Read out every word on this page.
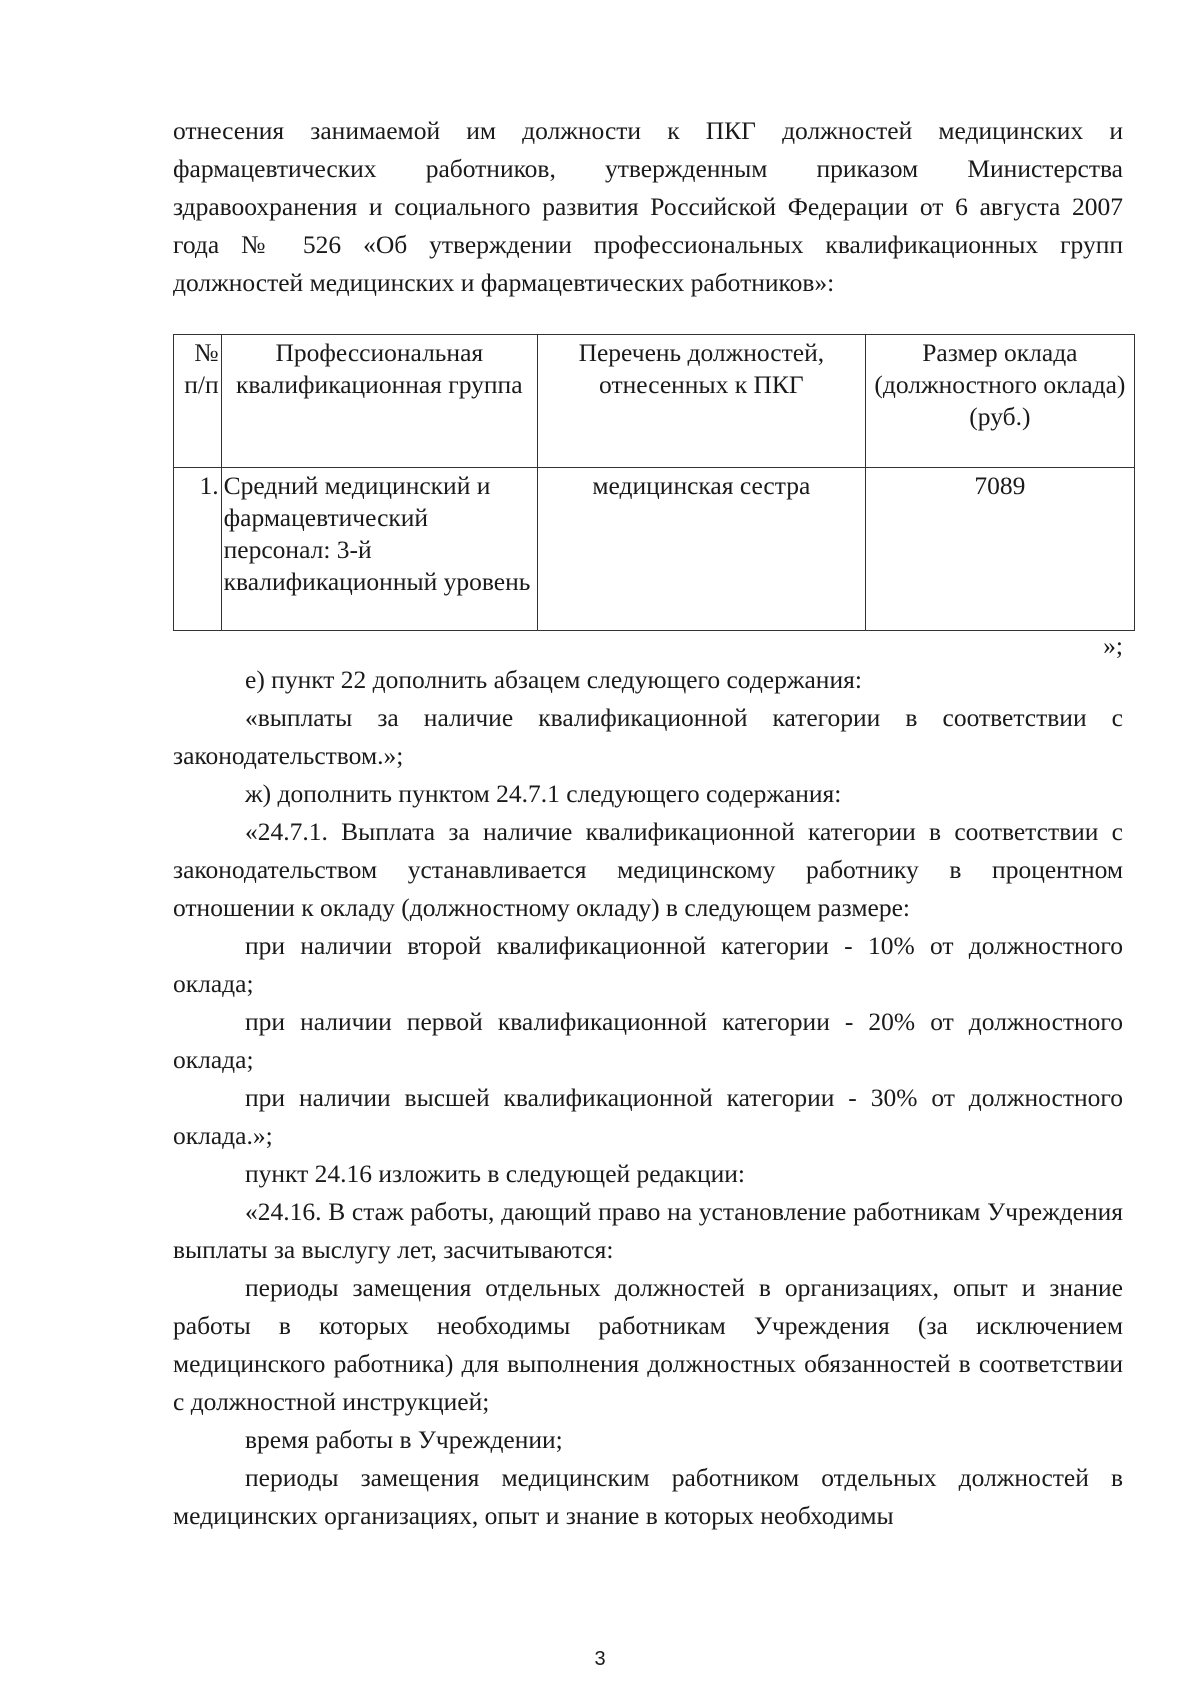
отнесения занимаемой им должности к ПКГ должностей медицинских и фармацевтических работников, утвержденным приказом Министерства здравоохранения и социального развития Российской Федерации от 6 августа 2007 года № 526 «Об утверждении профессиональных квалификационных групп должностей медицинских и фармацевтических работников»:

№ п/п	Профессиональная квалификационная группа	Перечень должностей, отнесенных к ПКГ	Размер оклада (должностного оклада) (руб.)
1.	Средний медицинский и фармацевтический персонал: 3-й квалификационный уровень	медицинская сестра	7089

»;

е) пункт 22 дополнить абзацем следующего содержания:

«выплаты за наличие квалификационной категории в соответствии с законодательством.»;

ж) дополнить пунктом 24.7.1 следующего содержания:

«24.7.1. Выплата за наличие квалификационной категории в соответствии с законодательством устанавливается медицинскому работнику в процентном отношении к окладу (должностному окладу) в следующем размере:

при наличии второй квалификационной категории - 10% от должностного оклада;

при наличии первой квалификационной категории - 20% от должностного оклада;

при наличии высшей квалификационной категории - 30% от должностного оклада.»;

пункт 24.16 изложить в следующей редакции:

«24.16. В стаж работы, дающий право на установление работникам Учреждения выплаты за выслугу лет, засчитываются:

периоды замещения отдельных должностей в организациях, опыт и знание работы в которых необходимы работникам Учреждения (за исключением медицинского работника) для выполнения должностных обязанностей в соответствии с должностной инструкцией;

время работы в Учреждении;

периоды замещения медицинским работником отдельных должностей в медицинских организациях, опыт и знание в которых необходимы

3
